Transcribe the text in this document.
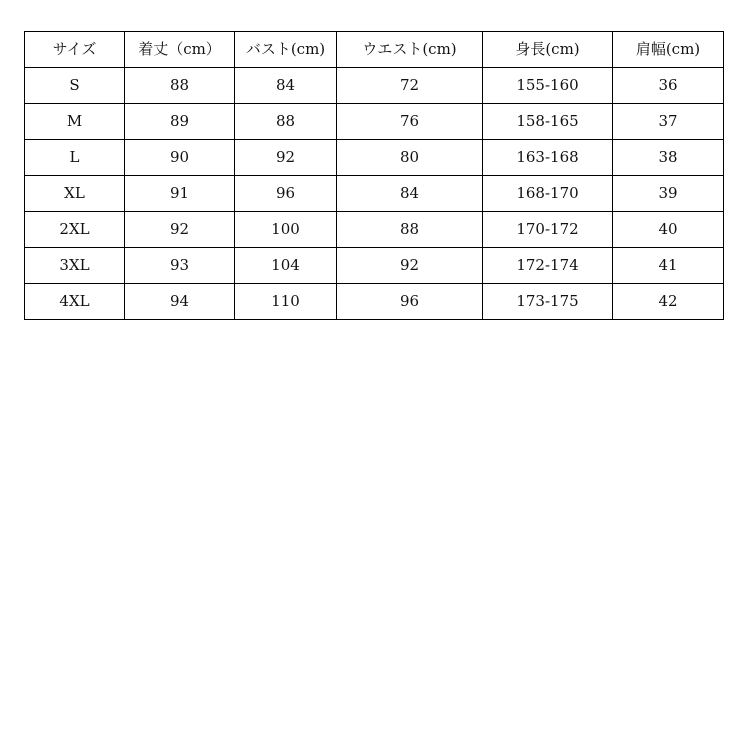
サイズ	着丈（cm）	バスト(cm)	ウエスト(cm)	身長(cm)	肩幅(cm)
S	88	84	72	155-160	36
M	89	88	76	158-165	37
L	90	92	80	163-168	38
XL	91	96	84	168-170	39
2XL	92	100	88	170-172	40
3XL	93	104	92	172-174	41
4XL	94	110	96	173-175	42
